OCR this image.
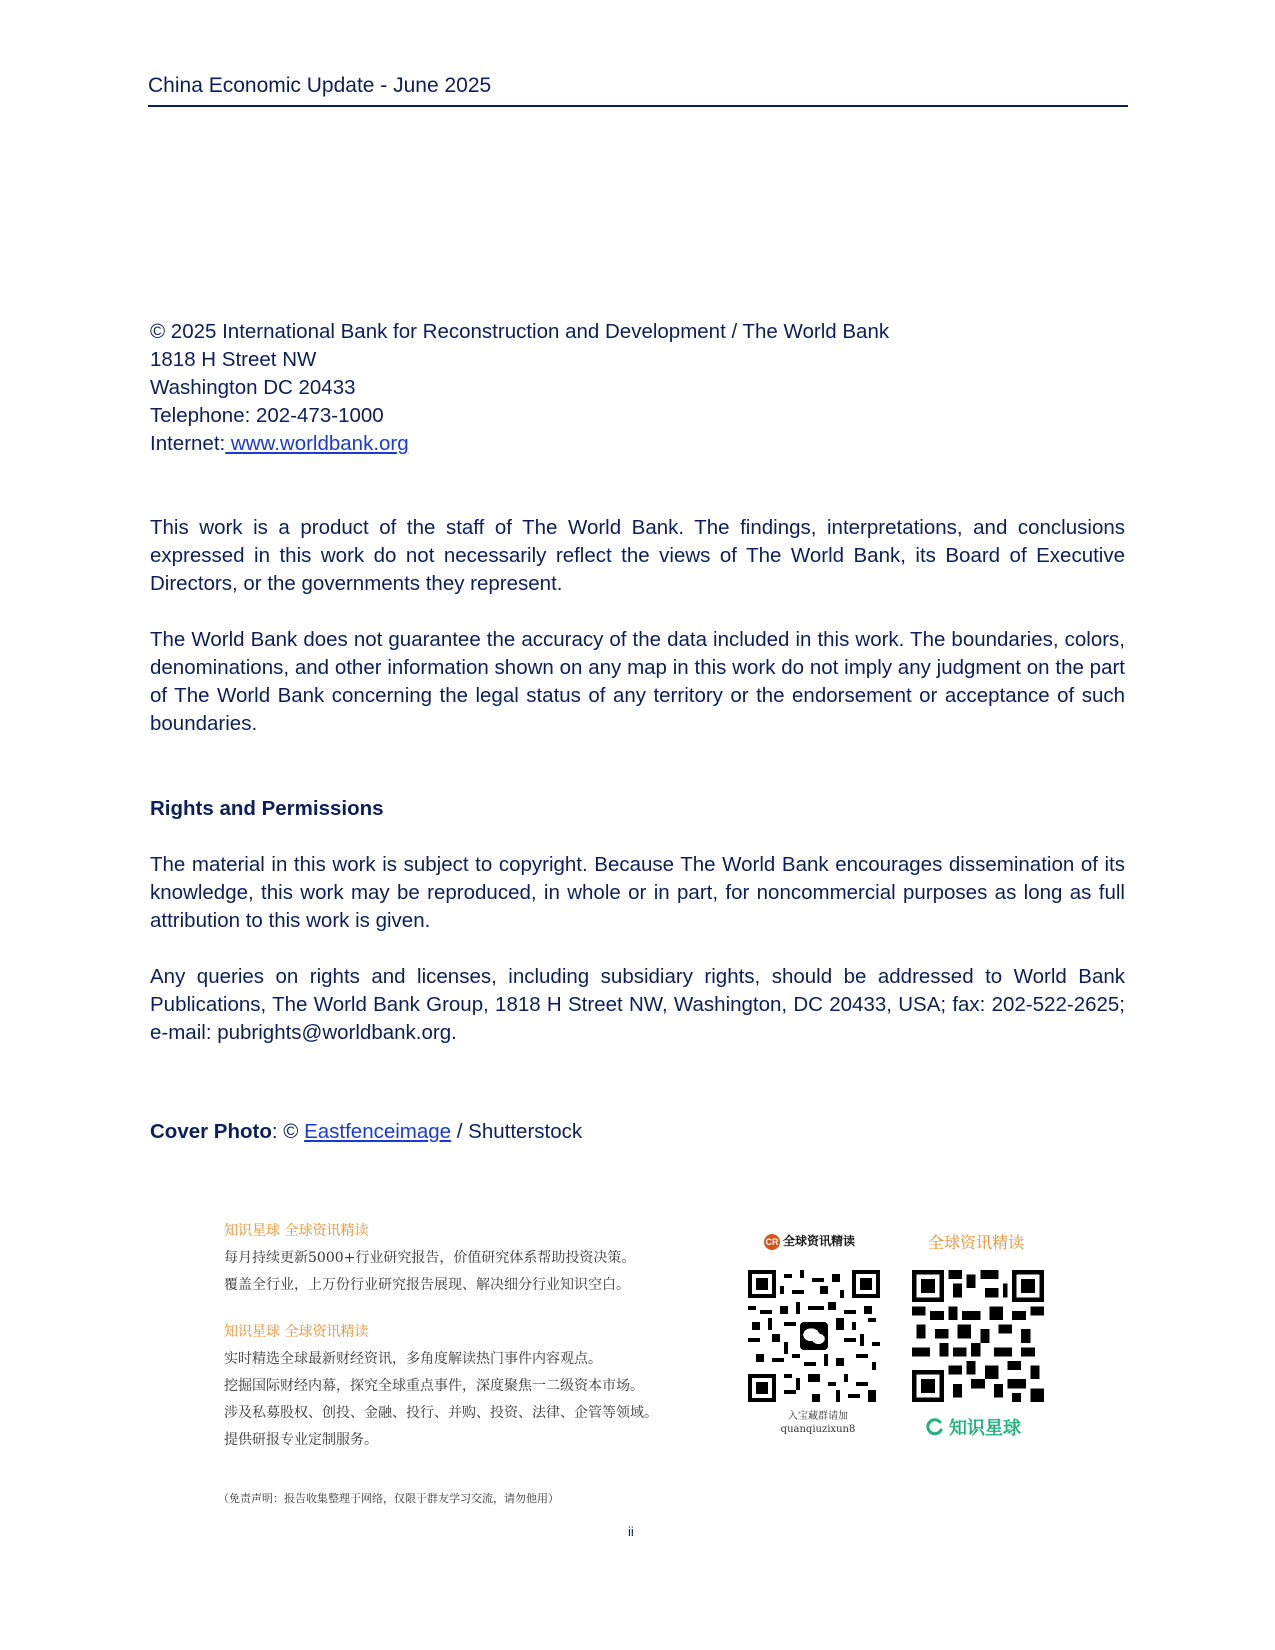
China Economic Update - June 2025
© 2025 International Bank for Reconstruction and Development / The World Bank
1818 H Street NW
Washington DC 20433
Telephone: 202-473-1000
Internet: www.worldbank.org
This work is a product of the staff of The World Bank. The findings, interpretations, and conclusions expressed in this work do not necessarily reflect the views of The World Bank, its Board of Executive Directors, or the governments they represent.
The World Bank does not guarantee the accuracy of the data included in this work. The boundaries, colors, denominations, and other information shown on any map in this work do not imply any judgment on the part of The World Bank concerning the legal status of any territory or the endorsement or acceptance of such boundaries.
Rights and Permissions
The material in this work is subject to copyright. Because The World Bank encourages dissemination of its knowledge, this work may be reproduced, in whole or in part, for noncommercial purposes as long as full attribution to this work is given.
Any queries on rights and licenses, including subsidiary rights, should be addressed to World Bank Publications, The World Bank Group, 1818 H Street NW, Washington, DC 20433, USA; fax: 202-522-2625; e-mail: pubrights@worldbank.org.
Cover Photo: © Eastfenceimage / Shutterstock
知识星球 全球资讯精读
每月持续更新5000+行业研究报告，价值研究体系帮助投资决策。
覆盖全行业，上万份行业研究报告展现、解决细分行业知识空白。
知识星球 全球资讯精读
实时精选全球最新财经资讯，多角度解读热门事件内容观点。
挖掘国际财经内幕，探究全球重点事件，深度聚焦一二级资本市场。
涉及私募股权、创投、金融、投行、并购、投资、法律、企管等领域。
提供研报专业定制服务。
CR 全球资讯精读
入宝藏群请加
quanqiuzixun8
全球资讯精读
知识星球
（免责声明：报告收集整理于网络，仅限于群友学习交流，请勿他用）
ii
